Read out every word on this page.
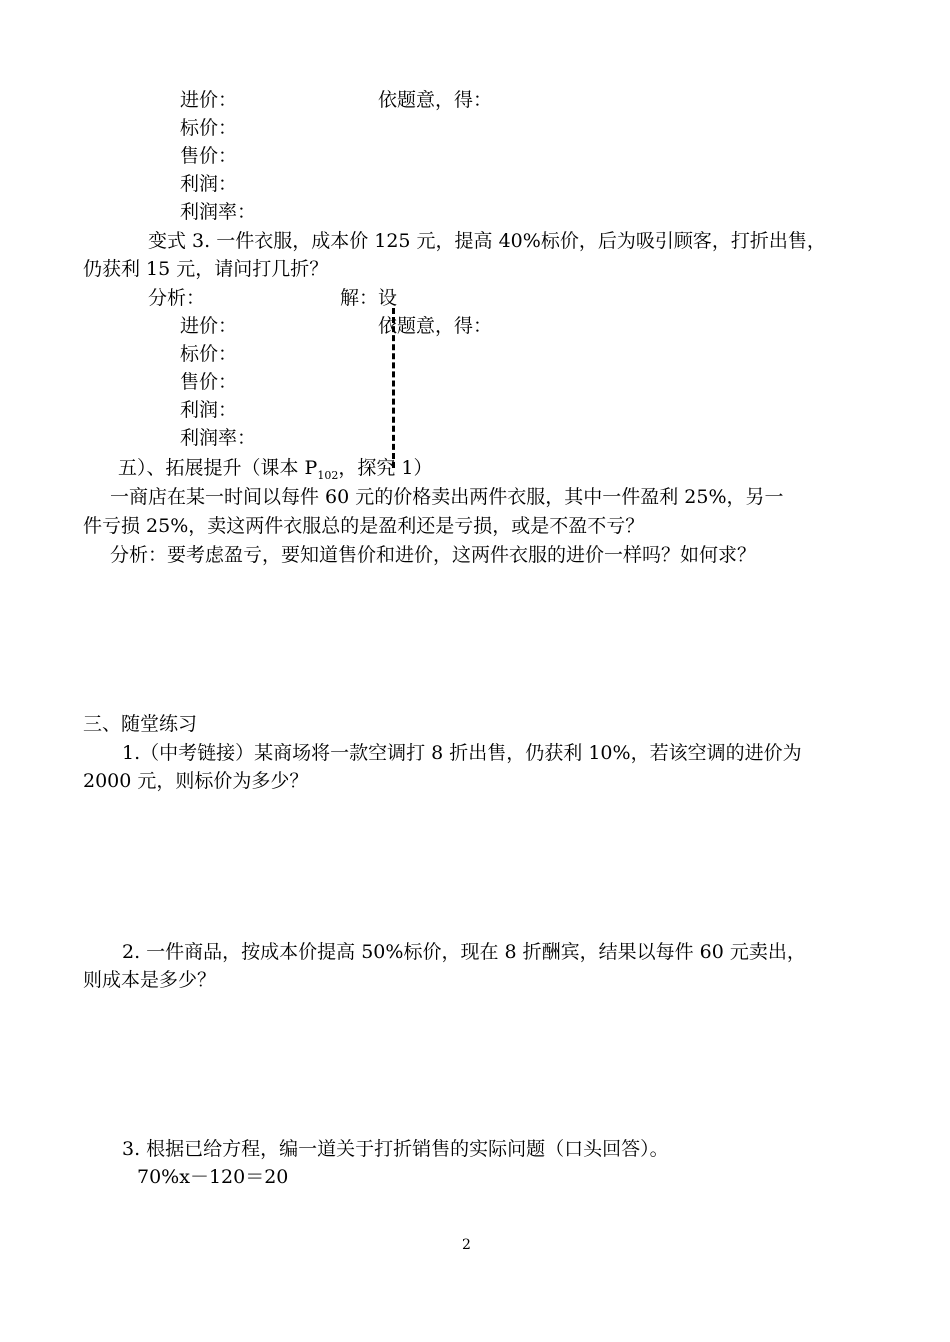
进价：	依题意，得：
标价：
售价：
利润：
利润率：
变式 3. 一件衣服，成本价 125 元，提高 40%标价，后为吸引顾客，打折出售，
仍获利 15 元，请问打几折？
分析：	解：设
进价：	依题意，得：
标价：
售价：
利润：
利润率：
五）、拓展提升（课本 $P_{102}$，探究 1）
一商店在某一时间以每件 60 元的价格卖出两件衣服，其中一件盈利 25%，另一
件亏损 25%，卖这两件衣服总的是盈利还是亏损，或是不盈不亏？
分析：要考虑盈亏，要知道售价和进价，这两件衣服的进价一样吗？如何求？
三、随堂练习
1.（中考链接）某商场将一款空调打 8 折出售，仍获利 10%，若该空调的进价为
2000 元，则标价为多少？
2. 一件商品，按成本价提高 50%标价，现在 8 折酬宾，结果以每件 60 元卖出，
则成本是多少？
3. 根据已给方程，编一道关于打折销售的实际问题（口头回答）。
70%x－120＝20
2
